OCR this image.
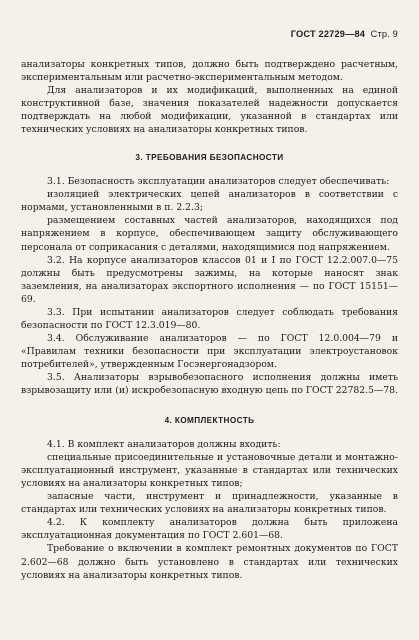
ГОСТ 22729—84 Стр. 9

анализаторы конкретных типов, должно быть подтверждено расчетным, экспериментальным или расчетно-экспериментальным методом.

Для анализаторов и их модификаций, выполненных на единой конструктивной базе, значения показателей надежности допускается подтверждать на любой модификации, указанной в стандартах или технических условиях на анализаторы конкретных типов.

3. ТРЕБОВАНИЯ БЕЗОПАСНОСТИ

3.1. Безопасность эксплуатации анализаторов следует обеспечивать:

изоляцией электрических цепей анализаторов в соответствии с нормами, установленными в п. 2.2.3;

размещением составных частей анализаторов, находящихся под напряжением в корпусе, обеспечивающем защиту обслуживающего персонала от соприкасания с деталями, находящимися под напряжением.

3.2. На корпусе анализаторов классов 01 и I по ГОСТ 12.2.007.0—75 должны быть предусмотрены зажимы, на которые наносят знак заземления, на анализаторах экспортного исполнения — по ГОСТ 15151—69.

3.3. При испытании анализаторов следует соблюдать требования безопасности по ГОСТ 12.3.019—80.

3.4. Обслуживание анализаторов — по ГОСТ 12.0.004—79 и «Правилам техники безопасности при эксплуатации электроустановок потребителей», утвержденным Госэнергонадзором.

3.5. Анализаторы взрывобезопасного исполнения должны иметь взрывозащиту или (и) искробезопасную входную цепь по ГОСТ 22782.5—78.

4. КОМПЛЕКТНОСТЬ

4.1. В комплект анализаторов должны входить:

специальные присоединительные и установочные детали и монтажно-эксплуатационный инструмент, указанные в стандартах или технических условиях на анализаторы конкретных типов;

запасные части, инструмент и принадлежности, указанные в стандартах или технических условиях на анализаторы конкретных типов.

4.2. К комплекту анализаторов должна быть приложена эксплуатационная документация по ГОСТ 2.601—68.

Требование о включении в комплект ремонтных документов по ГОСТ 2.602—68 должно быть установлено в стандартах или технических условиях на анализаторы конкретных типов.
